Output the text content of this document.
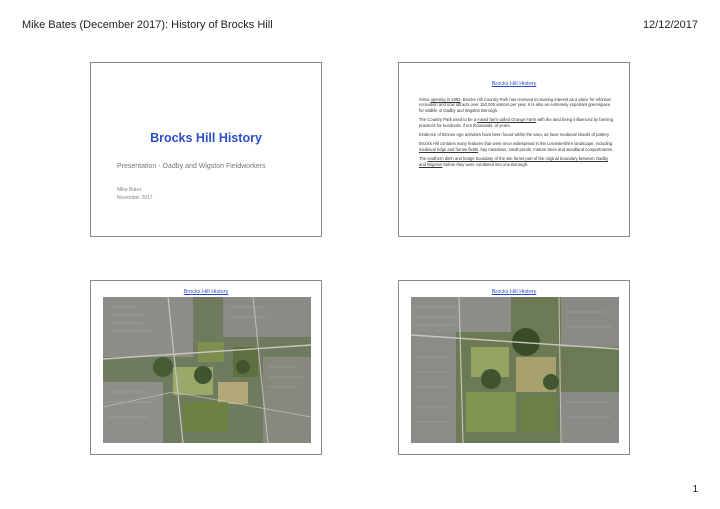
Mike Bates (December 2017): History of Brocks Hill	12/12/2017
Brocks Hill History
Presentation - Oadby and Wigston Fieldworkers
Mike Bates
November 2017
Brocks Hill History

Since opening in 1993, Brocks Hill Country Park has received increasing interest as a place for informal recreation and now attracts over 150,000 visitors per year. It is also an extremely important greenspace for wildlife in Oadby and Wigston Borough.

The Country Park used to be a mixed farm called Grange Farm with the land being influenced by farming practices for hundreds, if not thousands, of years.

Evidence of Bronze Age activities have been found within the area, as have medieval shards of pottery.

Brocks Hill contains many features that were once widespread in the Leicestershire landscape, including medieval ridge and furrow fields, hay meadows, small ponds, mature trees and woodland compartments.

The southern ditch and hedge boundary of the site forms part of the original boundary between Oadby and Wigston before they were combined into one Borough.

Brocks Hill History
◦
Brocks Hill History
◦
1
